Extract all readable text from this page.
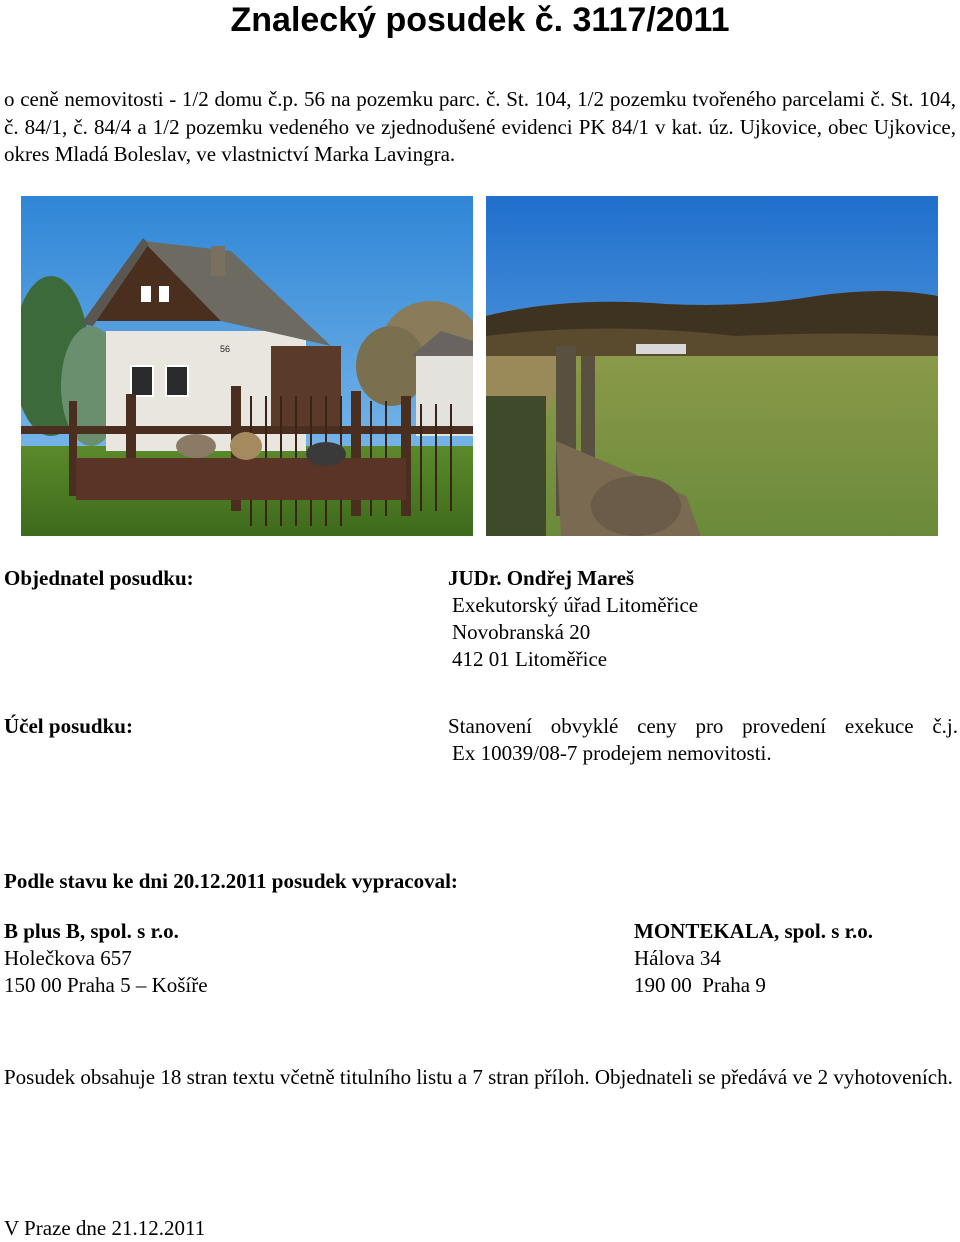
Znalecký posudek č. 3117/2011
o ceně nemovitosti - 1/2 domu č.p. 56 na pozemku parc. č. St. 104, 1/2 pozemku tvořeného parcelami č. St. 104, č. 84/1, č. 84/4 a 1/2 pozemku vedeného ve zjednodušené evidenci PK 84/1 v kat. úz. Ujkovice, obec Ujkovice, okres Mladá Boleslav, ve vlastnictví Marka Lavingra.
56
Objednatel posudku:	JUDr. Ondřej Mareš
Exekutorský úřad Litoměřice
Novobranská 20
412 01 Litoměřice
Účel posudku:	Stanovení obvyklé ceny pro provedení exekuce č.j.
Ex 10039/08-7 prodejem nemovitosti.
Podle stavu ke dni 20.12.2011 posudek vypracoval:
B plus B, spol. s r.o.
Holečkova 657
150 00 Praha 5 – Košíře
MONTEKALA, spol. s r.o.
Hálova 34
190 00  Praha 9
Posudek obsahuje 18 stran textu včetně titulního listu a 7 stran příloh. Objednateli se předává ve 2 vyhotoveních.
V Praze dne 21.12.2011
